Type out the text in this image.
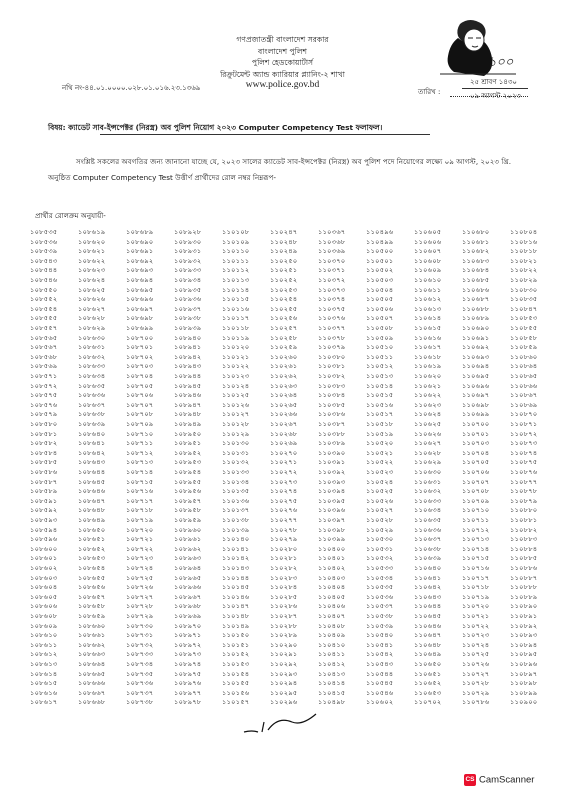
গণপ্রজাতন্ত্রী বাংলাদেশ সরকার
বাংলাদেশ পুলিশ
পুলিশ হেডকোয়ার্টার্স
রিক্রুটমেন্ট অ্যান্ড ক্যারিয়ার প্ল্যানিং-২ শাখা
www.police.gov.bd
১০০
নথি নং-৪৪.০১.০০০০.০২৮.০১.০১৬.২৩.১৩৬৯	তারিখ :
২৫ শ্রাবণ ১৪৩০
০৯ আগস্ট ২০২৩
বিষয়: ক্যাডেট সাব-ইন্সপেক্টর (নিরস্ত্র) অব পুলিশ নিয়োগ ২০২৩ Computer Competency Test ফলাফল।
সংশ্লিষ্ট সকলের অবগতির জন্য জানানো যাচ্ছে যে, ২০২৩ সালের ক্যাডেট সাব-ইন্সপেক্টর (নিরস্ত্র) অব পুলিশ পদে নিয়োগের লক্ষ্যে ০৯ আগস্ট, ২০২৩ খ্রি. অনুষ্ঠিত Computer Competency Test উত্তীর্ণ প্রার্থীদের রোল নম্বর নিম্নরূপ-
প্রার্থীর রোলক্রম অনুযায়ী-
১০৮৫৩৫	১০৮৬১৯	১০৮৬৮৯	১০৮৯২৮	১১০১০৮	১১০২৪৭	১১০৩৬৭	১১০৪৯৬	১১০৬০৫	১১০৬৮০	১১০৮০৪
১০৮৫৩৬	১০৮৬২০	১০৮৬৯০	১০৮৯৩০	১১০১০৯	১১০২৪৮	১১০৩৬৮	১১০৪৯৯	১১০৬০৬	১১০৬৮১	১১০৮১৬
১০৮৫৩৯	১০৮৬২১	১০৮৬৯১	১০৮৯৩১	১১০১১০	১১০২৪৯	১১০৩৬৯	১১০৫০০	১১০৬০৭	১১০৬৮২	১১০৮১৮
১০৮৫৪৩	১০৮৬২২	১০৮৬৯২	১০৮৯৩২	১১০১১১	১১০২৫০	১১০৩৭০	১১০৫০১	১১০৬০৮	১১০৬৮৩	১১০৮২১
১০৮৫৪৪	১০৮৬২৩	১০৮৬৯৩	১০৮৯৩৩	১১০১১২	১১০২৫১	১১০৩৭১	১১০৫০২	১১০৬০৯	১১০৬৮৪	১১০৮২২
১০৮৫৪৬	১০৮৬২৪	১০৮৬৯৪	১০৮৯৩৪	১১০১১৩	১১০২৫২	১১০৩৭২	১১০৫০৩	১১০৬১০	১১০৬৮৫	১১০৮২৯
১০৮৫৫০	১০৮৬২৫	১০৮৬৯৫	১০৮৯৩৫	১১০১১৪	১১০২৫৩	১১০৩৭৩	১১০৫০৪	১১০৬১১	১১০৬৮৬	১১০৮৩০
১০৮৫৫২	১০৮৬২৬	১০৮৬৯৬	১০৮৯৩৬	১১০১১৫	১১০২৫৪	১১০৩৭৪	১১০৫০৫	১১০৬১২	১১০৬৮৭	১১০৮৩৫
১০৮৫৫৪	১০৮৬২৭	১০৮৬৯৭	১০৮৯৩৭	১১০১১৬	১১০২৫৫	১১০৩৭৫	১১০৫০৬	১১০৬১৩	১১০৬৮৮	১১০৮৪৭
১০৮৫৫৫	১০৮৬২৮	১০৮৬৯৮	১০৮৯৩৮	১১০১১৭	১১০২৫৬	১১০৩৭৬	১১০৫০৭	১১০৬১৪	১১০৬৮৯	১১০৮৫৩
১০৮৫৫৭	১০৮৬২৯	১০৮৬৯৯	১০৮৯৩৯	১১০১১৮	১১০২৫৭	১১০৩৭৭	১১০৫০৮	১১০৬১৫	১১০৬৯০	১১০৮৫৫
১০৮৫৬৫	১০৮৬৩০	১০৮৭০০	১০৮৯৪০	১১০১১৯	১১০২৫৮	১১০৩৭৮	১১০৫০৯	১১০৬১৬	১১০৬৯১	১১০৮৫৮
১০৮৫৬৭	১০৮৬৩১	১০৮৭০১	১০৮৯৪১	১১০১২০	১১০২৫৯	১১০৩৭৯	১১০৫১০	১১০৬১৭	১১০৬৯২	১১০৮৫৯
১০৮৫৬৮	১০৮৬৩২	১০৮৭০২	১০৮৯৪২	১১০১২১	১১০২৬০	১১০৩৮০	১১০৫১১	১১০৬১৮	১১০৬৯৩	১১০৮৬০
১০৮৫৬৯	১০৮৬৩৩	১০৮৭০৩	১০৮৯৪৩	১১০১২২	১১০২৬১	১১০৩৮১	১১০৫১২	১১০৬১৯	১১০৬৯৪	১১০৮৬৪
১০৮৫৭১	১০৮৬৩৪	১০৮৭০৪	১০৮৯৪৪	১১০১২৩	১১০২৬২	১১০৩৮২	১১০৫১৩	১১০৬২০	১১০৬৯৫	১১০৮৬৫
১০৮৫৭২	১০৮৬৩৫	১০৮৭০৫	১০৮৯৪৫	১১০১২৪	১১০২৬৩	১১০৩৮৩	১১০৫১৪	১১০৬২১	১১০৬৯৬	১১০৮৬৬
১০৮৫৭৫	১০৮৬৩৬	১০৮৭০৬	১০৮৯৪৬	১১০১২৫	১১০২৬৪	১১০৩৮৪	১১০৫১৫	১১০৬২২	১১০৬৯৭	১১০৮৬৭
১০৮৫৭৬	১০৮৬৩৭	১০৮৭০৭	১০৮৯৪৭	১১০১২৬	১১০২৬৫	১১০৩৮৫	১১০৫১৬	১১০৬২৩	১১০৬৯৮	১১০৮৬৯
১০৮৫৭৯	১০৮৬৩৮	১০৮৭০৮	১০৮৯৪৮	১১০১২৭	১১০২৬৬	১১০৩৮৬	১১০৫১৭	১১০৬২৪	১১০৬৯৯	১১০৮৭০
১০৮৫৮০	১০৮৬৩৯	১০৮৭০৯	১০৮৯৪৯	১১০১২৮	১১০২৬৭	১১০৩৮৭	১১০৫১৮	১১০৬২৫	১১০৭০০	১১০৮৭১
১০৮৫৮১	১০৮৬৪০	১০৮৭১০	১০৮৯৫০	১১০১২৯	১১০২৬৮	১১০৩৮৮	১১০৫১৯	১১০৬২৬	১১০৭০১	১১০৮৭২
১০৮৫৮২	১০৮৬৪১	১০৮৭১১	১০৮৯৫১	১১০১৩০	১১০২৬৯	১১০৩৮৯	১১০৫২০	১১০৬২৭	১১০৭০৩	১১০৮৭৩
১০৮৫৮৪	১০৮৬৪২	১০৮৭১২	১০৮৯৫২	১১০১৩১	১১০২৭০	১১০৩৯০	১১০৫২১	১১০৬২৮	১১০৭০৪	১১০৮৭৪
১০৮৫৮৫	১০৮৬৪৩	১০৮৭১৩	১০৮৯৫৩	১১০১৩২	১১০২৭১	১১০৩৯১	১১০৫২২	১১০৬২৯	১১০৭০৫	১১০৮৭৫
১০৮৫৮৬	১০৮৬৪৪	১০৮৭১৪	১০৮৯৫৪	১১০১৩৩	১১০২৭২	১১০৩৯২	১১০৫২৩	১১০৬৩০	১১০৭০৬	১১০৮৭৬
১০৮৫৮৭	১০৮৬৪৫	১০৮৭১৫	১০৮৯৫৫	১১০১৩৪	১১০২৭৩	১১০৩৯৩	১১০৫২৪	১১০৬৩১	১১০৭০৭	১১০৮৭৭
১০৮৫৮৯	১০৮৬৪৬	১০৮৭১৬	১০৮৯৫৬	১১০১৩৫	১১০২৭৪	১১০৩৯৪	১১০৫২৫	১১০৬৩২	১১০৭০৮	১১০৮৭৮
১০৮৫৯১	১০৮৬৪৭	১০৮৭১৭	১০৮৯৫৭	১১০১৩৬	১১০২৭৫	১১০৩৯৫	১১০৫২৬	১১০৬৩৩	১১০৭০৯	১১০৮৭৯
১০৮৫৯২	১০৮৬৪৮	১০৮৭১৮	১০৮৯৫৮	১১০১৩৭	১১০২৭৬	১১০৩৯৬	১১০৫২৭	১১০৬৩৪	১১০৭১০	১১০৮৮০
১০৮৫৯৩	১০৮৬৪৯	১০৮৭১৯	১০৮৯৫৯	১১০১৩৮	১১০২৭৭	১১০৩৯৭	১১০৫২৮	১১০৬৩৫	১১০৭১১	১১০৮৮১
১০৮৫৯৪	১০৮৬৫০	১০৮৭২০	১০৮৯৬০	১১০১৩৯	১১০২৭৮	১১০৩৯৮	১১০৫২৯	১১০৬৩৬	১১০৭১২	১১০৮৮২
১০৮৫৯৬	১০৮৬৫১	১০৮৭২১	১০৮৯৬১	১১০১৪০	১১০২৭৯	১১০৩৯৯	১১০৫৩০	১১০৬৩৭	১১০৭১৩	১১০৮৮৩
১০৮৬০০	১০৮৬৫২	১০৮৭২২	১০৮৯৬২	১১০১৪১	১১০২৮০	১১০৪০০	১১০৫৩১	১১০৬৩৮	১১০৭১৪	১১০৮৮৪
১০৮৬০১	১০৮৬৫৩	১০৮৭২৩	১০৮৯৬৩	১১০১৪২	১১০২৮১	১১০৪০১	১১০৫৩২	১১০৬৩৯	১১০৭১৫	১১০৮৮৫
১০৮৬০২	১০৮৬৫৪	১০৮৭২৪	১০৮৯৬৪	১১০১৪৩	১১০২৮২	১১০৪০২	১১০৫৩৩	১১০৬৪০	১১০৭১৬	১১০৮৮৬
১০৮৬০৩	১০৮৬৫৫	১০৮৭২৫	১০৮৯৬৫	১১০১৪৪	১১০২৮৩	১১০৪০৩	১১০৫৩৪	১১০৬৪১	১১০৭১৭	১১০৮৮৭
১০৮৬০৪	১০৮৬৫৬	১০৮৭২৬	১০৮৯৬৬	১১০১৪৫	১১০২৮৪	১১০৪০৪	১১০৫৩৫	১১০৬৪২	১১০৭১৮	১১০৮৮৮
১০৮৬০৫	১০৮৬৫৭	১০৮৭২৭	১০৮৯৬৭	১১০১৪৬	১১০২৮৫	১১০৪০৫	১১০৫৩৬	১১০৬৪৩	১১০৭১৯	১১০৮৮৯
১০৮৬০৬	১০৮৬৫৮	১০৮৭২৮	১০৮৯৬৮	১১০১৪৭	১১০২৮৬	১১০৪০৬	১১০৫৩৭	১১০৬৪৪	১১০৭২০	১১০৮৯০
১০৮৬০৮	১০৮৬৫৯	১০৮৭২৯	১০৮৯৬৯	১১০১৪৮	১১০২৮৭	১১০৪০৭	১১০৫৩৮	১১০৬৪৫	১১০৭২১	১১০৮৯১
১০৮৬০৯	১০৮৬৬০	১০৮৭৩০	১০৮৯৭০	১১০১৪৯	১১০২৮৮	১১০৪০৮	১১০৫৩৯	১১০৬৪৬	১১০৭২২	১১০৮৯২
১০৮৬১০	১০৮৬৬১	১০৮৭৩১	১০৮৯৭১	১১০১৫০	১১০২৮৯	১১০৪০৯	১১০৫৪০	১১০৬৪৭	১১০৭২৩	১১০৮৯৩
১০৮৬১১	১০৮৬৬২	১০৮৭৩২	১০৮৯৭২	১১০১৫১	১১০২৯০	১১০৪১০	১১০৫৪১	১১০৬৪৮	১১০৭২৪	১১০৮৯৪
১০৮৬১২	১০৮৬৬৩	১০৮৭৩৩	১০৮৯৭৩	১১০১৫২	১১০২৯১	১১০৪১১	১১০৫৪২	১১০৬৪৯	১১০৭২৫	১১০৮৯৫
১০৮৬১৩	১০৮৬৬৪	১০৮৭৩৪	১০৮৯৭৪	১১০১৫৩	১১০২৯২	১১০৪১২	১১০৫৪৩	১১০৬৫০	১১০৭২৬	১১০৮৯৬
১০৮৬১৪	১০৮৬৬৫	১০৮৭৩৫	১০৮৯৭৫	১১০১৫৪	১১০২৯৩	১১০৪১৩	১১০৫৪৪	১১০৬৫১	১১০৭২৭	১১০৮৯৭
১০৮৬১৫	১০৮৬৬৬	১০৮৭৩৬	১০৮৯৭৬	১১০১৫৫	১১০২৯৪	১১০৪১৪	১১০৫৪৫	১১০৬৫২	১১০৭২৮	১১০৮৯৮
১০৮৬১৬	১০৮৬৬৭	১০৮৭৩৭	১০৮৯৭৭	১১০১৫৬	১১০২৯৫	১১০৪১৫	১১০৫৪৬	১১০৬৫৩	১১০৭২৯	১১০৮৯৯
১০৮৬১৭	১০৮৬৬৮	১০৮৭৩৮	১০৮৯৭৮	১১০১৫৭	১১০২৯৬	১১০৪৯৮	১১০৬০২	১১০৭০২	১১০৭৮৬	১১০৯০০
CS CamScanner
